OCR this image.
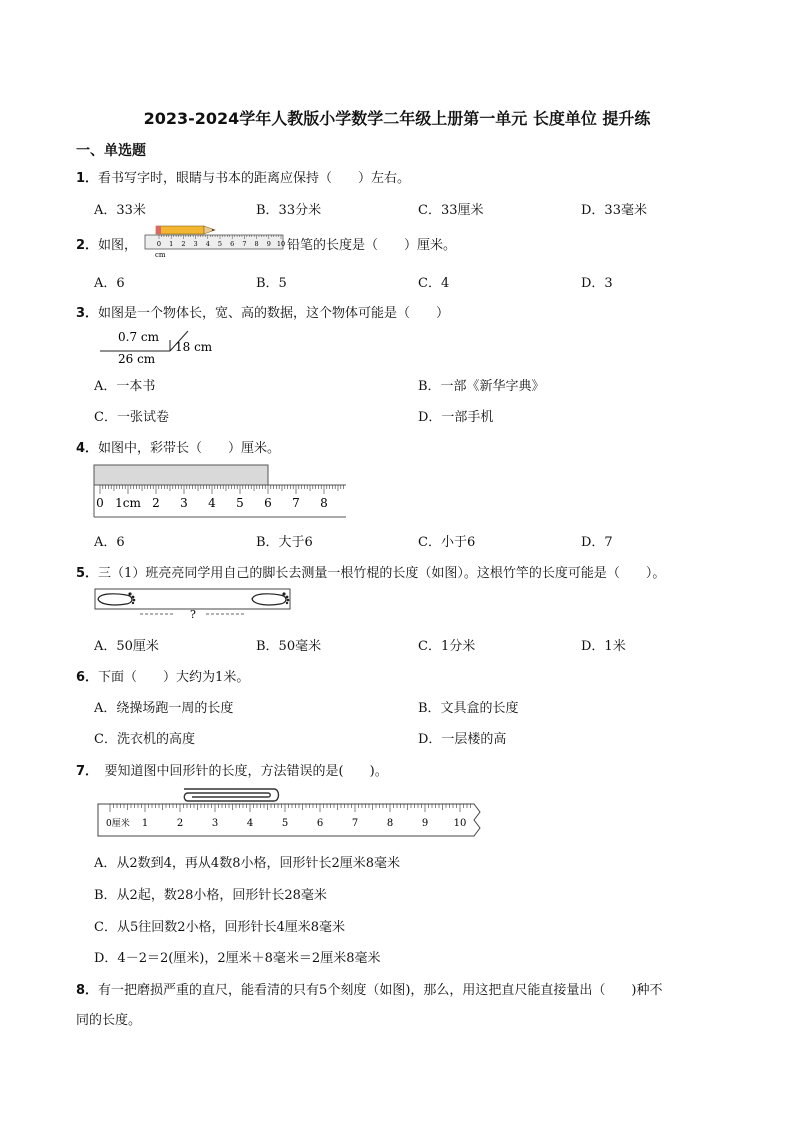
2023-2024学年人教版小学数学二年级上册第一单元 长度单位 提升练
一、单选题
1．看书写字时，眼睛与书本的距离应保持（　　）左右。
A．33米	B．33分米	C．33厘米	D．33毫米
2．如图，	0 1 2 3 4 5 6 7 8 9 10
cm
铅笔的长度是（　　）厘米。
A．6	B．5	C．4	D．3
3．如图是一个物体长，宽、高的数据，这个物体可能是（　　）
0.7 cm
26 cm
18 cm
A．一本书	B．一部《新华字典》
C．一张试卷	D．一部手机
4．如图中，彩带长（　　）厘米。
0 1cm 2 3 4 5 6 7 8
A．6	B．大于6	C．小于6	D．7
5．三（1）班亮亮同学用自己的脚长去测量一根竹棍的长度（如图）。这根竹竿的长度可能是（　　）。
?
A．50厘米	B．50毫米	C．1分米	D．1米
6．下面（　　）大约为1米。
A．绕操场跑一周的长度	B．文具盒的长度
C．洗衣机的高度	D．一层楼的高
7．　要知道图中回形针的长度，方法错误的是(　　)。
0厘米 1	2	3	4	5	6	7	8	9	10
A．从2数到4，再从4数8小格，回形针长2厘米8毫米
B．从2起，数28小格，回形针长28毫米
C．从5往回数2小格，回形针长4厘米8毫米
D．4－2＝2(厘米)，2厘米＋8毫米＝2厘米8毫米
8．有一把磨损严重的直尺，能看清的只有5个刻度（如图)，那么，用这把直尺能直接量出（　　)种不
同的长度。
